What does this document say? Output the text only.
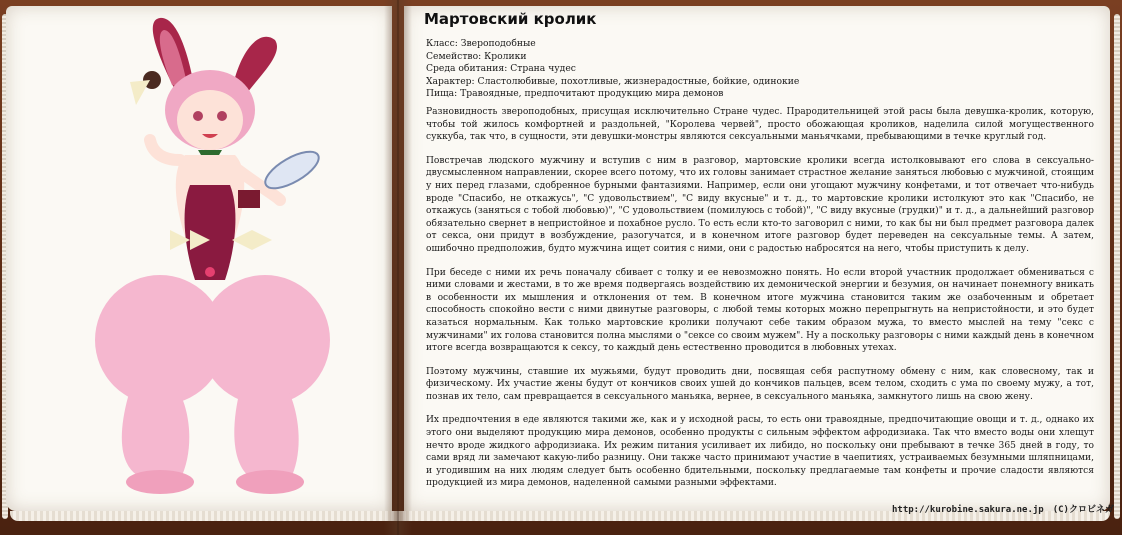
Мартовский кролик
Класс: Звероподобные
Семейство: Кролики
Среда обитания: Страна чудес
Характер: Сластолюбивые, похотливые, жизнерадостные, бойкие, одинокие
Пища: Травоядные, предпочитают продукцию мира демонов

Разновидность звероподобных, присущая исключительно Стране чудес. Прародительницей этой расы была девушка-кролик, которую, чтобы той жилось комфортней и раздольней, "Королева червей", просто обожающая кроликов, наделила силой могущественного суккуба, так что, в сущности, эти девушки-монстры являются сексуальными маньячками, пребывающими в течке круглый год.

Повстречав людского мужчину и вступив с ним в разговор, мартовские кролики всегда истолковывают его слова в сексуально-двусмысленном направлении, скорее всего потому, что их головы занимает страстное желание заняться любовью с мужчиной, стоящим у них перед глазами, сдобренное бурными фантазиями. Например, если они угощают мужчину конфетами, и тот отвечает что-нибудь вроде "Спасибо, не откажусь", "С удовольствием", "С виду вкусные" и т. д., то мартовские кролики истолкуют это как "Спасибо, не откажусь (заняться с тобой любовью)", "С удовольствием (помилуюсь с тобой)", "С виду вкусные (грудки)" и т. д., а дальнейший разговор обязательно свернет в непристойное и похабное русло. То есть если кто-то заговорил с ними, то как бы ни был предмет разговора далек от секса, они придут в возбуждение, разогучатся, и в конечном итоге разговор будет переведен на сексуальные темы. А затем, ошибочно предположив, будто мужчина ищет соития с ними, они с радостью набросятся на него, чтобы приступить к делу.

При беседе с ними их речь поначалу сбивает с толку и ее невозможно понять. Но если второй участник продолжает обмениваться с ними словами и жестами, в то же время подвергаясь воздействию их демонической энергии и безумия, он начинает понемногу вникать в особенности их мышления и отклонения от тем. В конечном итоге мужчина становится таким же озабоченным и обретает способность спокойно вести с ними двинутые разговоры, с любой темы которых можно перепрыгнуть на непристойности, и это будет казаться нормальным. Как только мартовские кролики получают себе таким образом мужа, то вместо мыслей на тему "секс с мужчинами" их голова становится полна мыслями о "сексе со своим мужем". Ну а поскольку разговоры с ними каждый день в конечном итоге всегда возвращаются к сексу, то каждый день естественно проводится в любовных утехах.

Поэтому мужчины, ставшие их мужьями, будут проводить дни, посвящая себя распутному обмену с ним, как словесному, так и физическому. Их участие жены будут от кончиков своих ушей до кончиков пальцев, всем телом, сходить с ума по своему мужу, а тот, познав их тело, сам превращается в сексуального маньяка, вернее, в сексуального маньяка, замкнутого лишь на свою жену.

Их предпочтения в еде являются такими же, как и у исходной расы, то есть они травоядные, предпочитающие овощи и т. д., однако их этого они выделяют продукцию мира демонов, особенно продукты с сильным эффектом афродизиака. Так что вместо воды они хлещут нечто вроде жидкого афродизиака. Их режим питания усиливает их либидо, но поскольку они пребывают в течке 365 дней в году, то сами вряд ли замечают какую-либо разницу. Они также часто принимают участие в чаепитиях, устраиваемых безумными шляпницами, и угодившим на них людям следует быть особенно бдительными, поскольку предлагаемые там конфеты и прочие сладости являются продукцией из мира демонов, наделенной самыми разными эффектами.

http://kurobine.sakura.ne.jp　(C)クロビネガ
